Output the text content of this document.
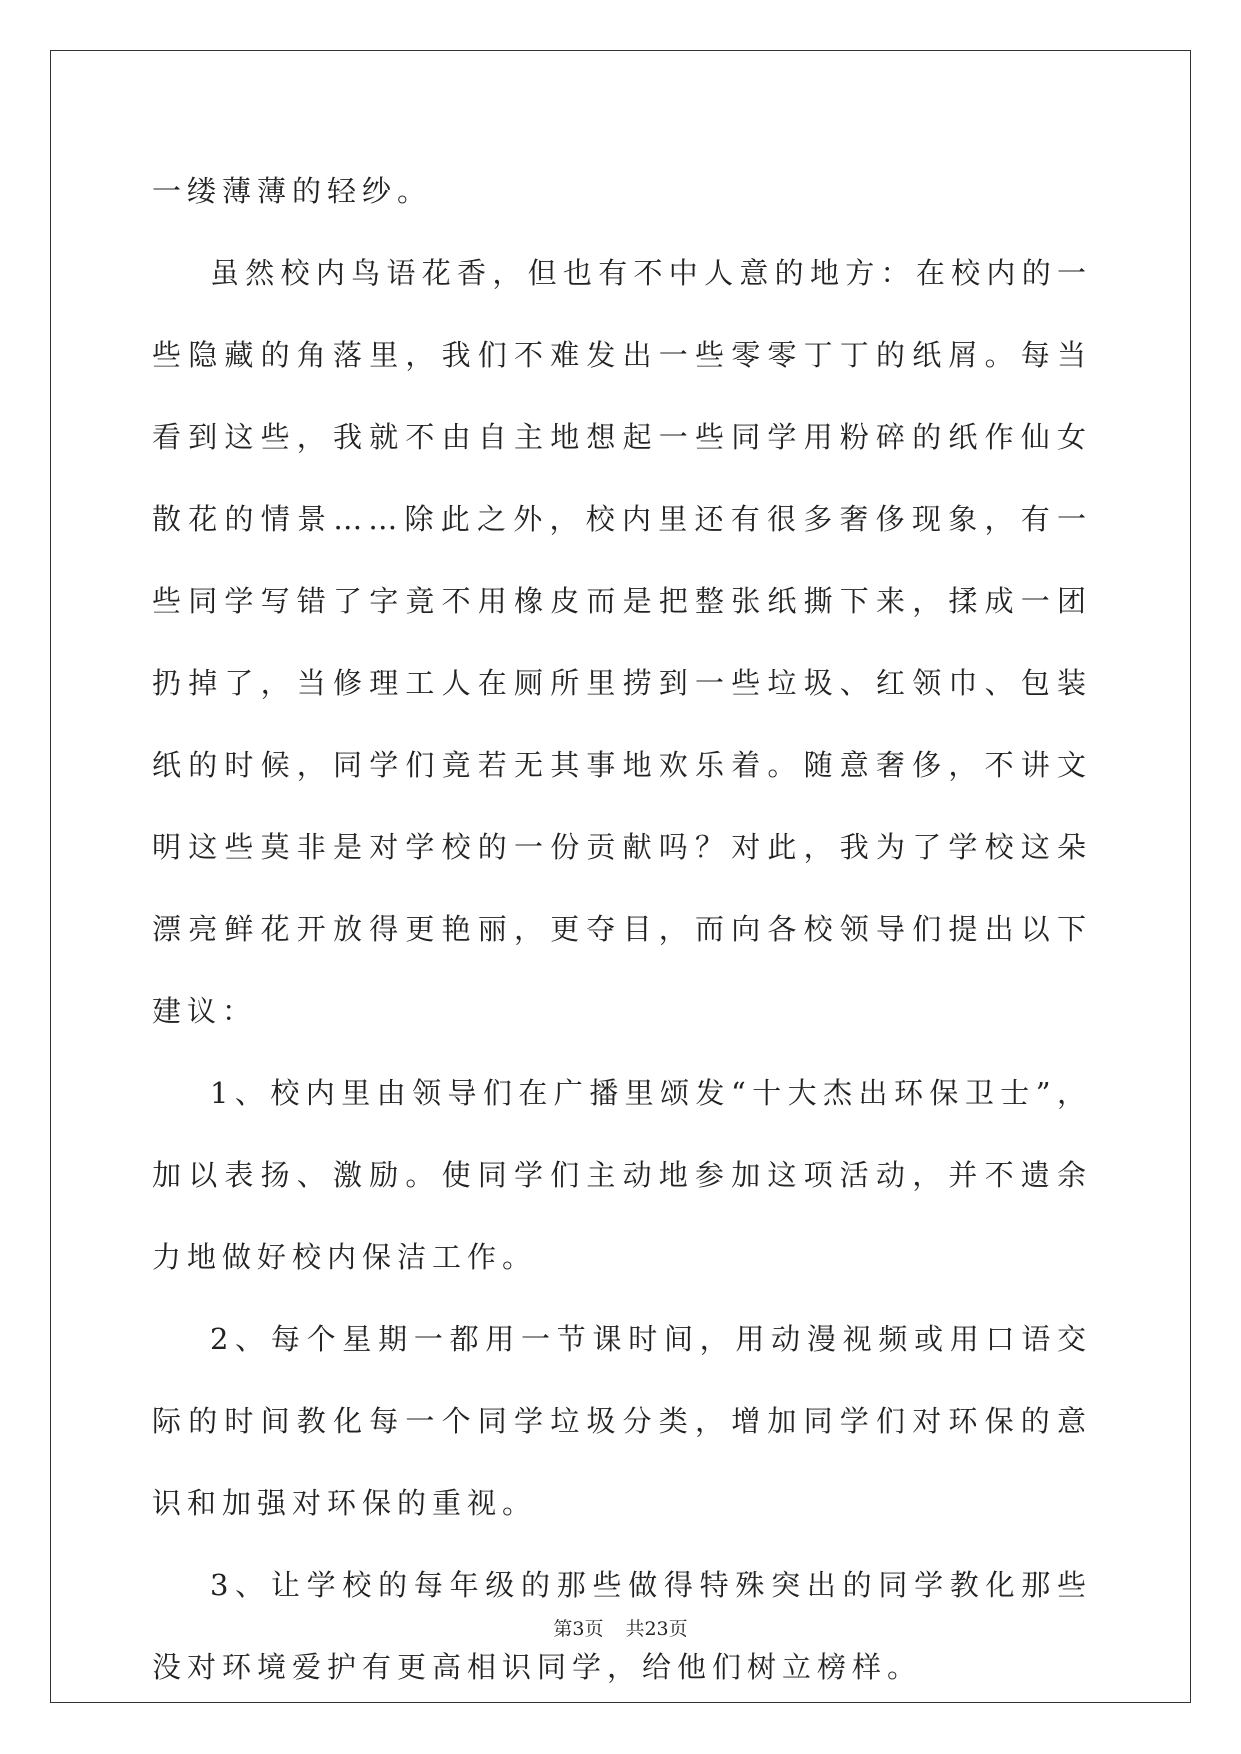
一缕薄薄的轻纱。

虽然校内鸟语花香，但也有不中人意的地方：在校内的一些隐藏的角落里，我们不难发出一些零零丁丁的纸屑。每当看到这些，我就不由自主地想起一些同学用粉碎的纸作仙女散花的情景……除此之外，校内里还有很多奢侈现象，有一些同学写错了字竟不用橡皮而是把整张纸撕下来，揉成一团扔掉了，当修理工人在厕所里捞到一些垃圾、红领巾、包装纸的时候，同学们竟若无其事地欢乐着。随意奢侈，不讲文明这些莫非是对学校的一份贡献吗？对此，我为了学校这朵漂亮鲜花开放得更艳丽，更夺目，而向各校领导们提出以下建议：

1、校内里由领导们在广播里颂发“十大杰出环保卫士”，加以表扬、激励。使同学们主动地参加这项活动，并不遗余力地做好校内保洁工作。

2、每个星期一都用一节课时间，用动漫视频或用口语交际的时间教化每一个同学垃圾分类，增加同学们对环保的意识和加强对环保的重视。

3、让学校的每年级的那些做得特殊突出的同学教化那些没对环境爱护有更高相识同学，给他们树立榜样。

第3页 共23页
